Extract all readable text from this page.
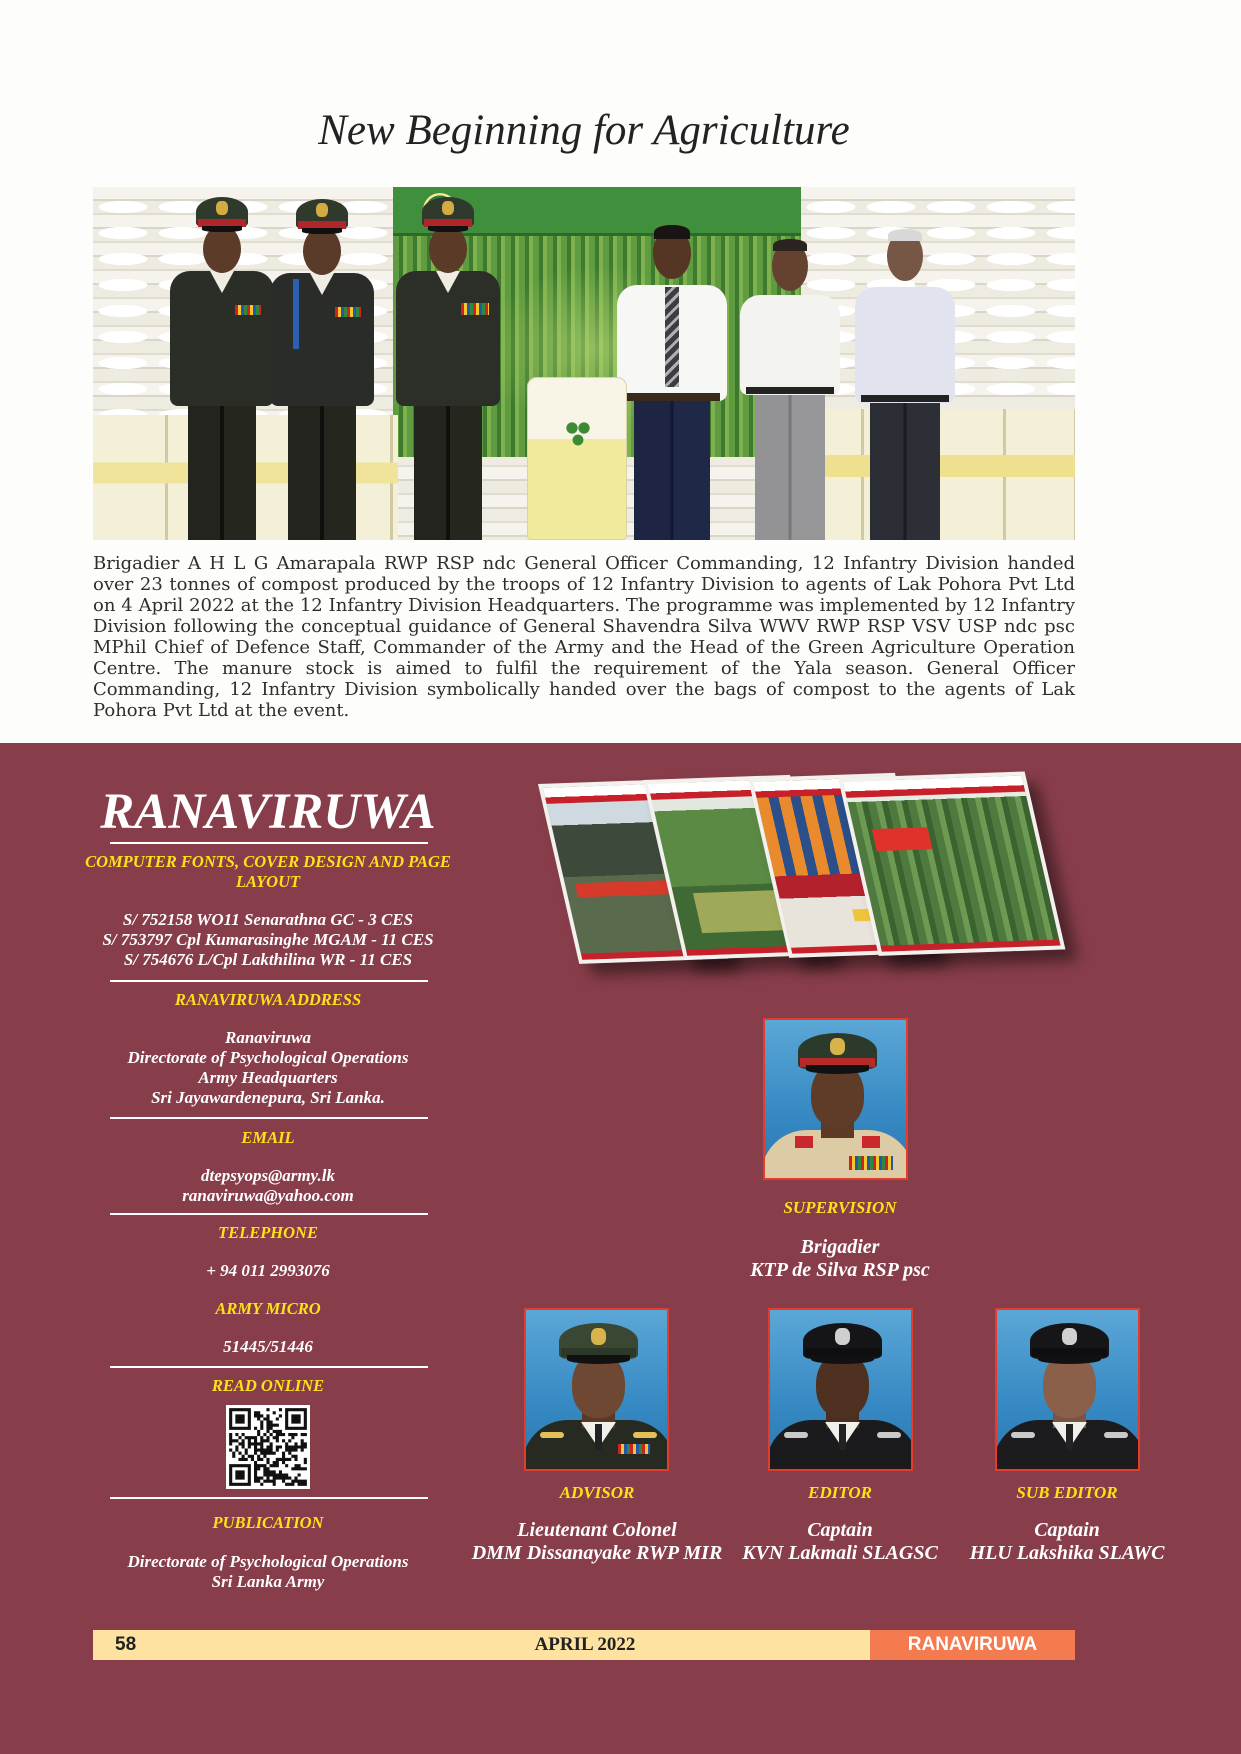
New Beginning for Agriculture
Brigadier A H L G Amarapala RWP RSP ndc General Officer Commanding, 12 Infantry Division handed over 23 tonnes of compost produced by the troops of 12 Infantry Division to agents of Lak Pohora Pvt Ltd on 4 April 2022 at the 12 Infantry Division Headquarters. The programme was implemented by 12 Infantry Division following the conceptual guidance of General Shavendra Silva WWV RWP RSP VSV USP ndc psc MPhil Chief of Defence Staff, Commander of the Army and the Head of the Green Agriculture Operation Centre. The manure stock is aimed to fulfil the requirement of the Yala season. General Officer Commanding, 12 Infantry Division symbolically handed over the bags of compost to the agents of Lak Pohora Pvt Ltd at the event.
RANAVIRUWA
COMPUTER FONTS, COVER DESIGN AND PAGE LAYOUT
S/ 752158 WO11 Senarathna GC - 3 CES
S/ 753797 Cpl Kumarasinghe MGAM - 11 CES
S/ 754676 L/Cpl Lakthilina WR - 11 CES
RANAVIRUWA ADDRESS
Ranaviruwa
Directorate of Psychological Operations
Army Headquarters
Sri Jayawardenepura, Sri Lanka.
EMAIL
dtepsyops@army.lk
ranaviruwa@yahoo.com
TELEPHONE
+ 94 011 2993076
ARMY MICRO
51445/51446
READ ONLINE
PUBLICATION
Directorate of Psychological Operations
Sri Lanka Army
SUPERVISION
Brigadier
KTP de Silva RSP psc
ADVISOR
Lieutenant Colonel
DMM Dissanayake RWP MIR
EDITOR
Captain
KVN Lakmali SLAGSC
SUB EDITOR
Captain
HLU Lakshika SLAWC
58	APRIL 2022	RANAVIRUWA
